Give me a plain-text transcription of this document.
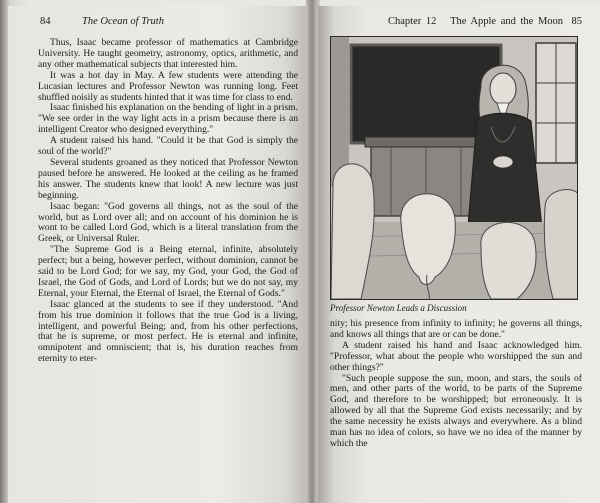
84	The Ocean of Truth

Thus, Isaac became professor of mathematics at Cambridge University. He taught geometry, astronomy, optics, arithmetic, and any other mathematical subjects that interested him.

It was a hot day in May. A few students were attending the Lucasian lectures and Professor Newton was running long. Feet shuffled noisily as students hinted that it was time for class to end.

Isaac finished his explanation on the bending of light in a prism. "We see order in the way light acts in a prism because there is an intelligent Creator who designed everything."

A student raised his hand. "Could it be that God is simply the soul of the world?"

Several students groaned as they noticed that Professor Newton paused before he answered. He looked at the ceiling as he framed his answer. The students knew that look! A new lecture was just beginning.

Isaac began: "God governs all things, not as the soul of the world, but as Lord over all; and on account of his dominion he is wont to be called Lord God, which is a literal translation from the Greek, or Universal Ruler.

"The Supreme God is a Being eternal, infinite, absolutely perfect; but a being, however perfect, without dominion, cannot be said to be Lord God; for we say, my God, your God, the God of Israel, the God of Gods, and Lord of Lords; but we do not say, my Eternal, your Eternal, the Eternal of Israel, the Eternal of Gods."

Isaac glanced at the students to see if they understood. "And from his true dominion it follows that the true God is a living, intelligent, and powerful Being; and, from his other perfections, that he is supreme, or most perfect. He is eternal and infinite, omnipotent and omniscient; that is, his duration reaches from eternity to eter-

Chapter 12 The Apple and the Moon 85
Professor Newton Leads a Discussion

nity; his presence from infinity to infinity; he governs all things, and knows all things that are or can be done."

A student raised his hand and Isaac acknowledged him. "Professor, what about the people who worshipped the sun and other things?"

"Such people suppose the sun, moon, and stars, the souls of men, and other parts of the world, to be parts of the Supreme God, and therefore to be worshipped; but erroneously. It is allowed by all that the Supreme God exists necessarily; and by the same necessity he exists always and everywhere. As a blind man has no idea of colors, so have we no idea of the manner by which the
